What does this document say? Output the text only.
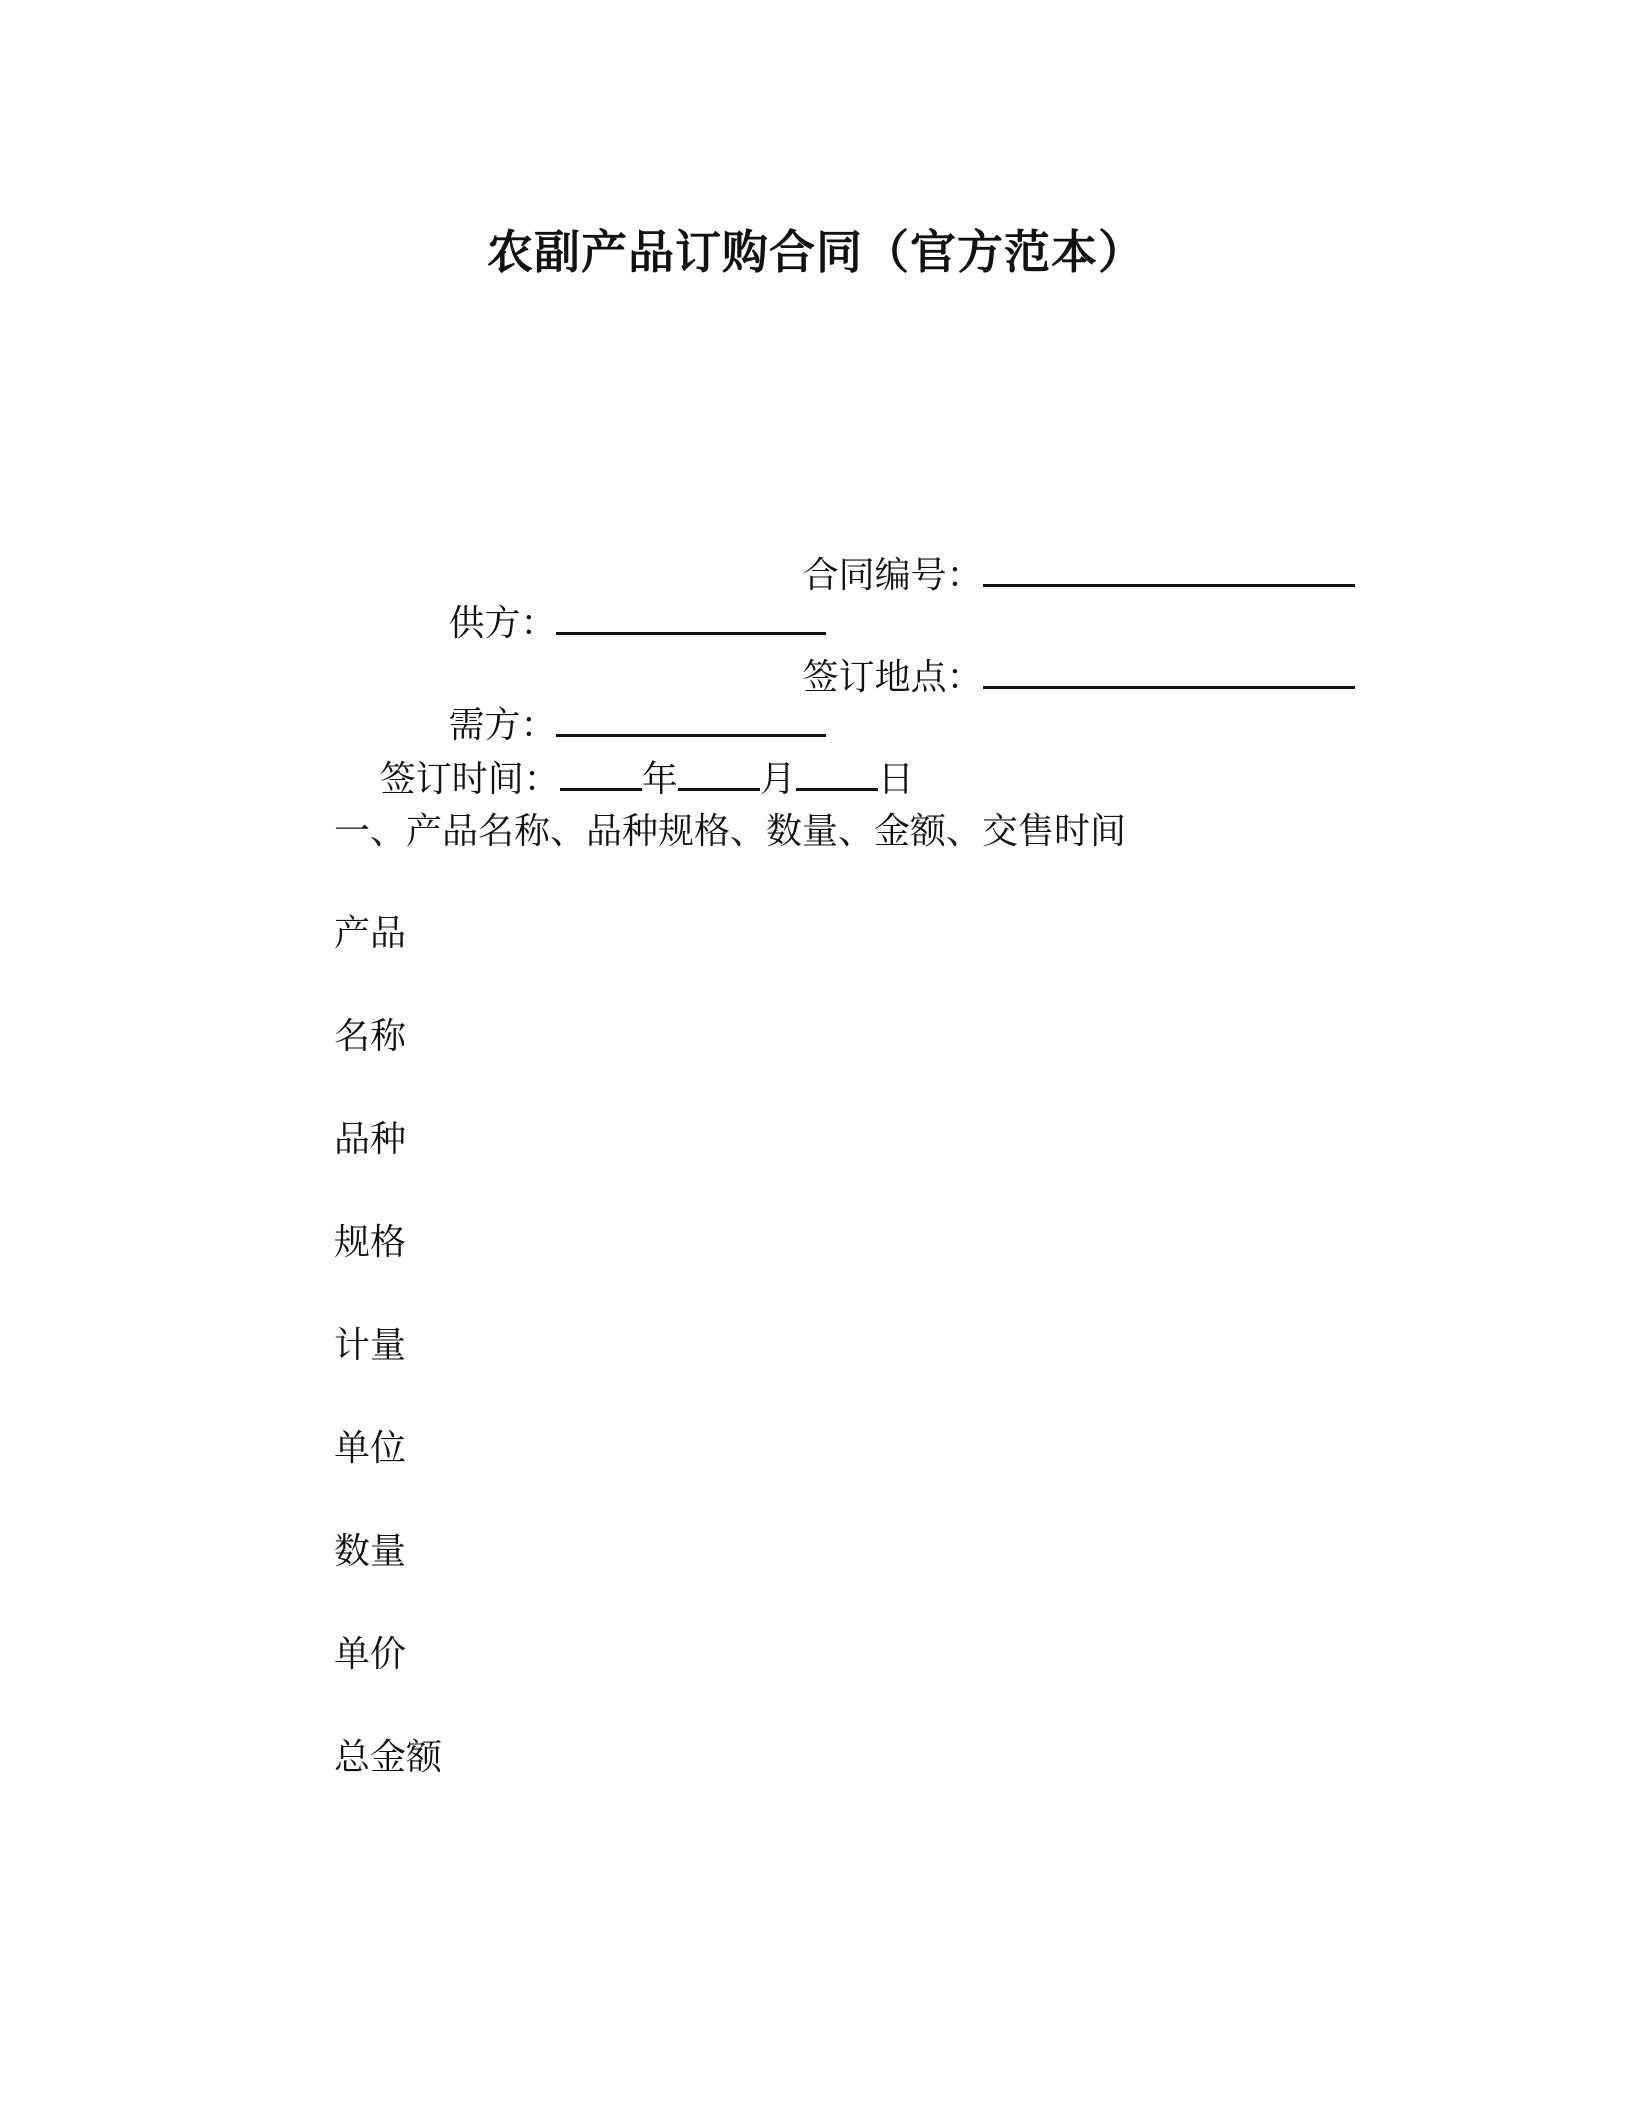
农副产品订购合同（官方范本）

供方：

合同编号：

需方：

签订地点：

签订时间： 年 月 日

一、产品名称、品种规格、数量、金额、交售时间
产品
名称
品种
规格
计量
单位
数量
单价
总金额
